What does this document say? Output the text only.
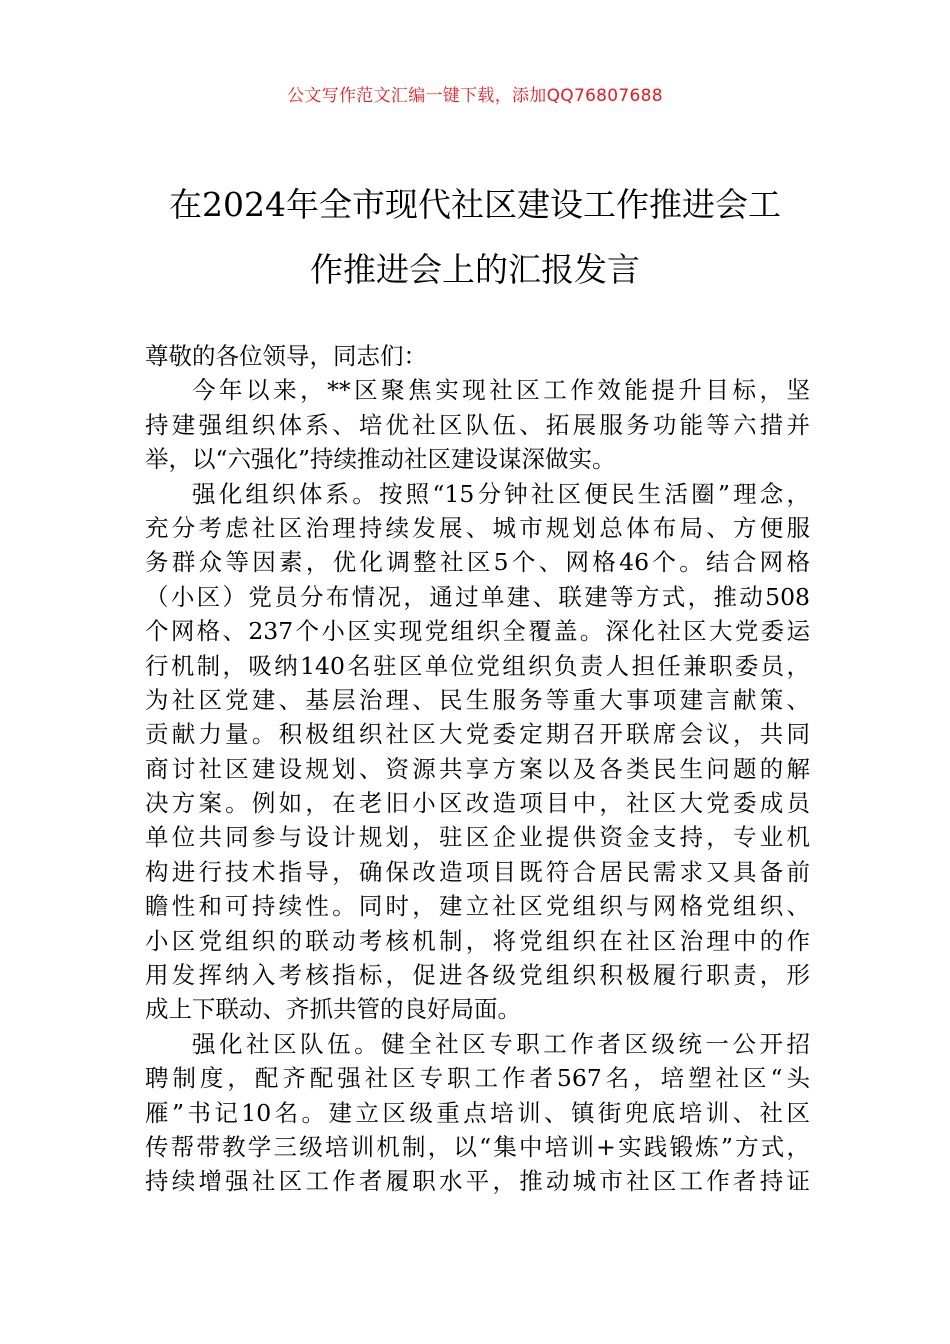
公文写作范文汇编一键下载，添加QQ76807688
在2024年全市现代社区建设工作推进会工
作推进会上的汇报发言
尊敬的各位领导，同志们：
今年以来，**区聚焦实现社区工作效能提升目标，坚
持建强组织体系、培优社区队伍、拓展服务功能等六措并
举，以“六强化”持续推动社区建设谋深做实。
强化组织体系。按照“15分钟社区便民生活圈”理念，
充分考虑社区治理持续发展、城市规划总体布局、方便服
务群众等因素，优化调整社区5个、网格46个。结合网格
（小区）党员分布情况，通过单建、联建等方式，推动508
个网格、237个小区实现党组织全覆盖。深化社区大党委运
行机制，吸纳140名驻区单位党组织负责人担任兼职委员，
为社区党建、基层治理、民生服务等重大事项建言献策、
贡献力量。积极组织社区大党委定期召开联席会议，共同
商讨社区建设规划、资源共享方案以及各类民生问题的解
决方案。例如，在老旧小区改造项目中，社区大党委成员
单位共同参与设计规划，驻区企业提供资金支持，专业机
构进行技术指导，确保改造项目既符合居民需求又具备前
瞻性和可持续性。同时，建立社区党组织与网格党组织、
小区党组织的联动考核机制，将党组织在社区治理中的作
用发挥纳入考核指标，促进各级党组织积极履行职责，形
成上下联动、齐抓共管的良好局面。
强化社区队伍。健全社区专职工作者区级统一公开招
聘制度，配齐配强社区专职工作者567名，培塑社区“头
雁”书记10名。建立区级重点培训、镇街兜底培训、社区
传帮带教学三级培训机制，以“集中培训+实践锻炼”方式，
持续增强社区工作者履职水平，推动城市社区工作者持证
